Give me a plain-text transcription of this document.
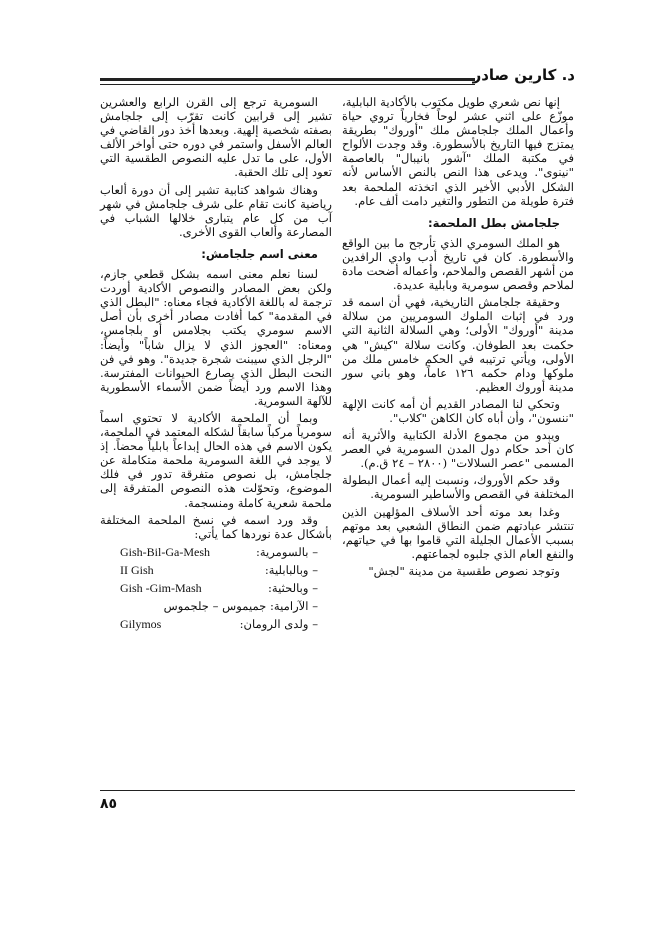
د. كارين صادر

إنها نص شعري طويل مكتوب بالأكادية البابلية، موزّع على اثني عشر لوحاً فخارياً تروي حياة وأعمال الملك جلجامش ملك "أوروك" بطريقة يمتزج فيها التاريخ بالأسطورة. وقد وجدت الألواح في مكتبة الملك "آشور بانيبال" بالعاصمة "نينوى". ويدعى هذا النص بالنص الأساس لأنه الشكل الأدبي الأخير الذي اتخذته الملحمة بعد فترة طويلة من التطور والتغير دامت ألف عام.

جلجامش بطل الملحمة:

هو الملك السومري الذي تأرجح ما بين الواقع والأسطورة. كان في تاريخ أدب وادي الرافدين من أشهر القصص والملاحم، وأعماله أضحت مادة لملاحم وقصص سومرية وبابلية عديدة.

وحقيقة جلجامش التاريخية، فهي أن اسمه قد ورد في إثبات الملوك السومريين من سلالة مدينة "أوروك" الأولى؛ وهي السلالة الثانية التي حكمت بعد الطوفان. وكانت سلالة "كيش" هي الأولى، ويأتي ترتيبه في الحكم خامس ملك من ملوكها ودام حكمه ١٢٦ عاماً، وهو باني سور مدينة أوروك العظيم.

وتحكي لنا المصادر القديم أن أمه كانت الإلهة "ننسون"، وأن أباه كان الكاهن "كلاب".

ويبدو من مجموع الأدلة الكتابية والأثرية أنه كان أحد حكام دول المدن السومرية في العصر المسمى "عصر السلالات" (٢٨٠٠ – ٢٤ ق.م).

وقد حكم الأوروك، ونسبت إليه أعمال البطولة المختلفة في القصص والأساطير السومرية.

وغدا بعد موته أحد الأسلاف المؤلهين الذين تنتشر عبادتهم ضمن النطاق الشعبي بعد موتهم بسبب الأعمال الجليلة التي قاموا بها في حياتهم، والنفع العام الذي جلبوه لجماعتهم.

وتوجد نصوص طقسية من مدينة "لجش"

السومرية ترجع إلى القرن الرابع والعشرين تشير إلى قرابين كانت تقرّب إلى جلجامش بصفته شخصية إلهية. وبعدها أخذ دور القاضي في العالم الأسفل واستمر في دوره حتى أواخر الألف الأول، على ما تدل عليه النصوص الطقسية التي تعود إلى تلك الحقبة.

وهناك شواهد كتابية تشير إلى أن دورة ألعاب رياضية كانت تقام على شرف جلجامش في شهر آب من كل عام يتبارى خلالها الشباب في المصارعة وألعاب القوى الأخرى.

معنى اسم جلجامش:

لسنا نعلم معنى اسمه بشكل قطعي جازم، ولكن بعض المصادر والنصوص الأكادية أوردت ترجمة له باللغة الأكادية فجاء معناه: "البطل الذي في المقدمة" كما أفادت مصادر أخرى بأن أصل الاسم سومري يكتب بجلامس أو بلجامس، ومعناه: "العجوز الذي لا يزال شاباً" وأيضاً: "الرجل الذي سيبنت شجرة جديدة". وهو في فن النحت البطل الذي يصارع الحيوانات المفترسة. وهذا الاسم ورد أيضاً ضمن الأسماء الأسطورية للآلهة السومرية.

وبما أن الملحمة الأكادية لا تحتوي اسماً سومرياً مركباً سابقاً لشكله المعتمد في الملحمة، يكون الاسم في هذه الحال إبداعاً بابلياً محضاً. إذ لا يوجد في اللغة السومرية ملحمة متكاملة عن جلجامش، بل نصوص متفرقة تدور في فلك الموضوع، وتحوّلت هذه النصوص المتفرقة إلى ملحمة شعرية كاملة ومنسجمة.

وقد ورد اسمه في نسخ الملحمة المختلفة بأشكال عدة نوردها كما يأتي:

– بالسومرية:
Gish-Bil-Ga-Mesh
– وبالبابلية:
II Gish
– وبالحثية:
Gish -Gim-Mash
– الآرامية: جميموس – جلجموس
– ولدى الرومان:
Gilymos
٨٥
